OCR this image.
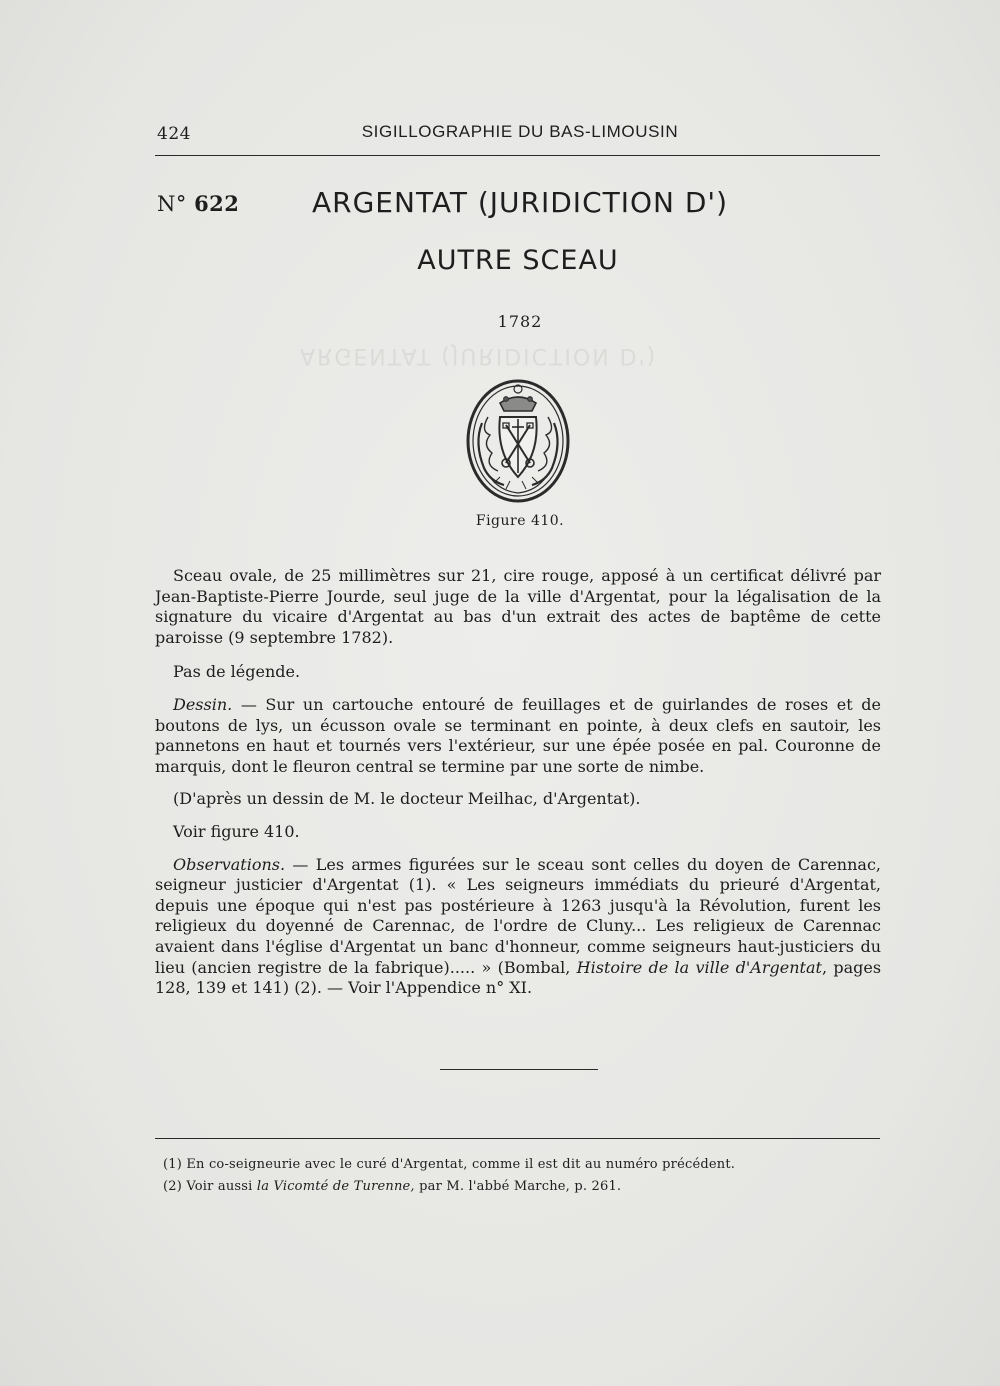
ARGENTAT (JURIDICTION D')
424	SIGILLOGRAPHIE DU BAS-LIMOUSIN
N° 622	ARGENTAT (JURIDICTION D')
AUTRE SCEAU
1782
Figure 410.

Sceau ovale, de 25 millimètres sur 21, cire rouge, apposé à un certificat délivré par Jean-Baptiste-Pierre Jourde, seul juge de la ville d'Argentat, pour la légalisation de la signature du vicaire d'Argentat au bas d'un extrait des actes de baptême de cette paroisse (9 septembre 1782).

Pas de légende.

Dessin. — Sur un cartouche entouré de feuillages et de guirlandes de roses et de boutons de lys, un écusson ovale se terminant en pointe, à deux clefs en sautoir, les pannetons en haut et tournés vers l'extérieur, sur une épée posée en pal. Couronne de marquis, dont le fleuron central se termine par une sorte de nimbe.

(D'après un dessin de M. le docteur Meilhac, d'Argentat).

Voir figure 410.

Observations. — Les armes figurées sur le sceau sont celles du doyen de Carennac, seigneur justicier d'Argentat (1). « Les seigneurs immédiats du prieuré d'Argentat, depuis une époque qui n'est pas postérieure à 1263 jusqu'à la Révolution, furent les religieux du doyenné de Carennac, de l'ordre de Cluny... Les religieux de Carennac avaient dans l'église d'Argentat un banc d'honneur, comme seigneurs haut-justiciers du lieu (ancien registre de la fabrique)..... » (Bombal, Histoire de la ville d'Argentat, pages 128, 139 et 141) (2). — Voir l'Appendice n° XI.

(1) En co-seigneurie avec le curé d'Argentat, comme il est dit au numéro précédent.
(2) Voir aussi la Vicomté de Turenne, par M. l'abbé Marche, p. 261.
